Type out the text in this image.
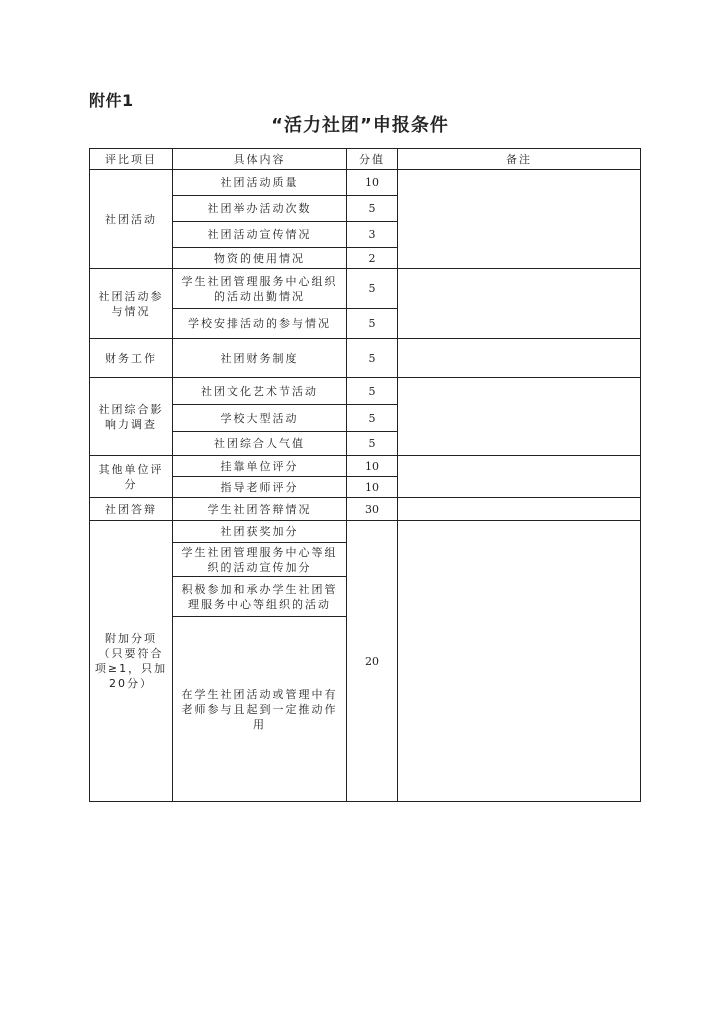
附件1
“活力社团”申报条件
评比项目	具体内容	分值	备注
社团活动	社团活动质量	10	
	社团举办活动次数	5	
	社团活动宣传情况	3	
	物资的使用情况	2	
社团活动参与情况	学生社团管理服务中心组织的活动出勤情况	5	
	学校安排活动的参与情况	5	
财务工作	社团财务制度	5	
社团综合影响力调查	社团文化艺术节活动	5	
	学校大型活动	5	
	社团综合人气值	5	
其他单位评分	挂靠单位评分	10	
	指导老师评分	10	
社团答辩	学生社团答辩情况	30	
附加分项（只要符合项≥1，只加20分）	社团获奖加分	20	
	学生社团管理服务中心等组织的活动宣传加分		
	积极参加和承办学生社团管理服务中心等组织的活动		
	在学生社团活动或管理中有老师参与且起到一定推动作用		
